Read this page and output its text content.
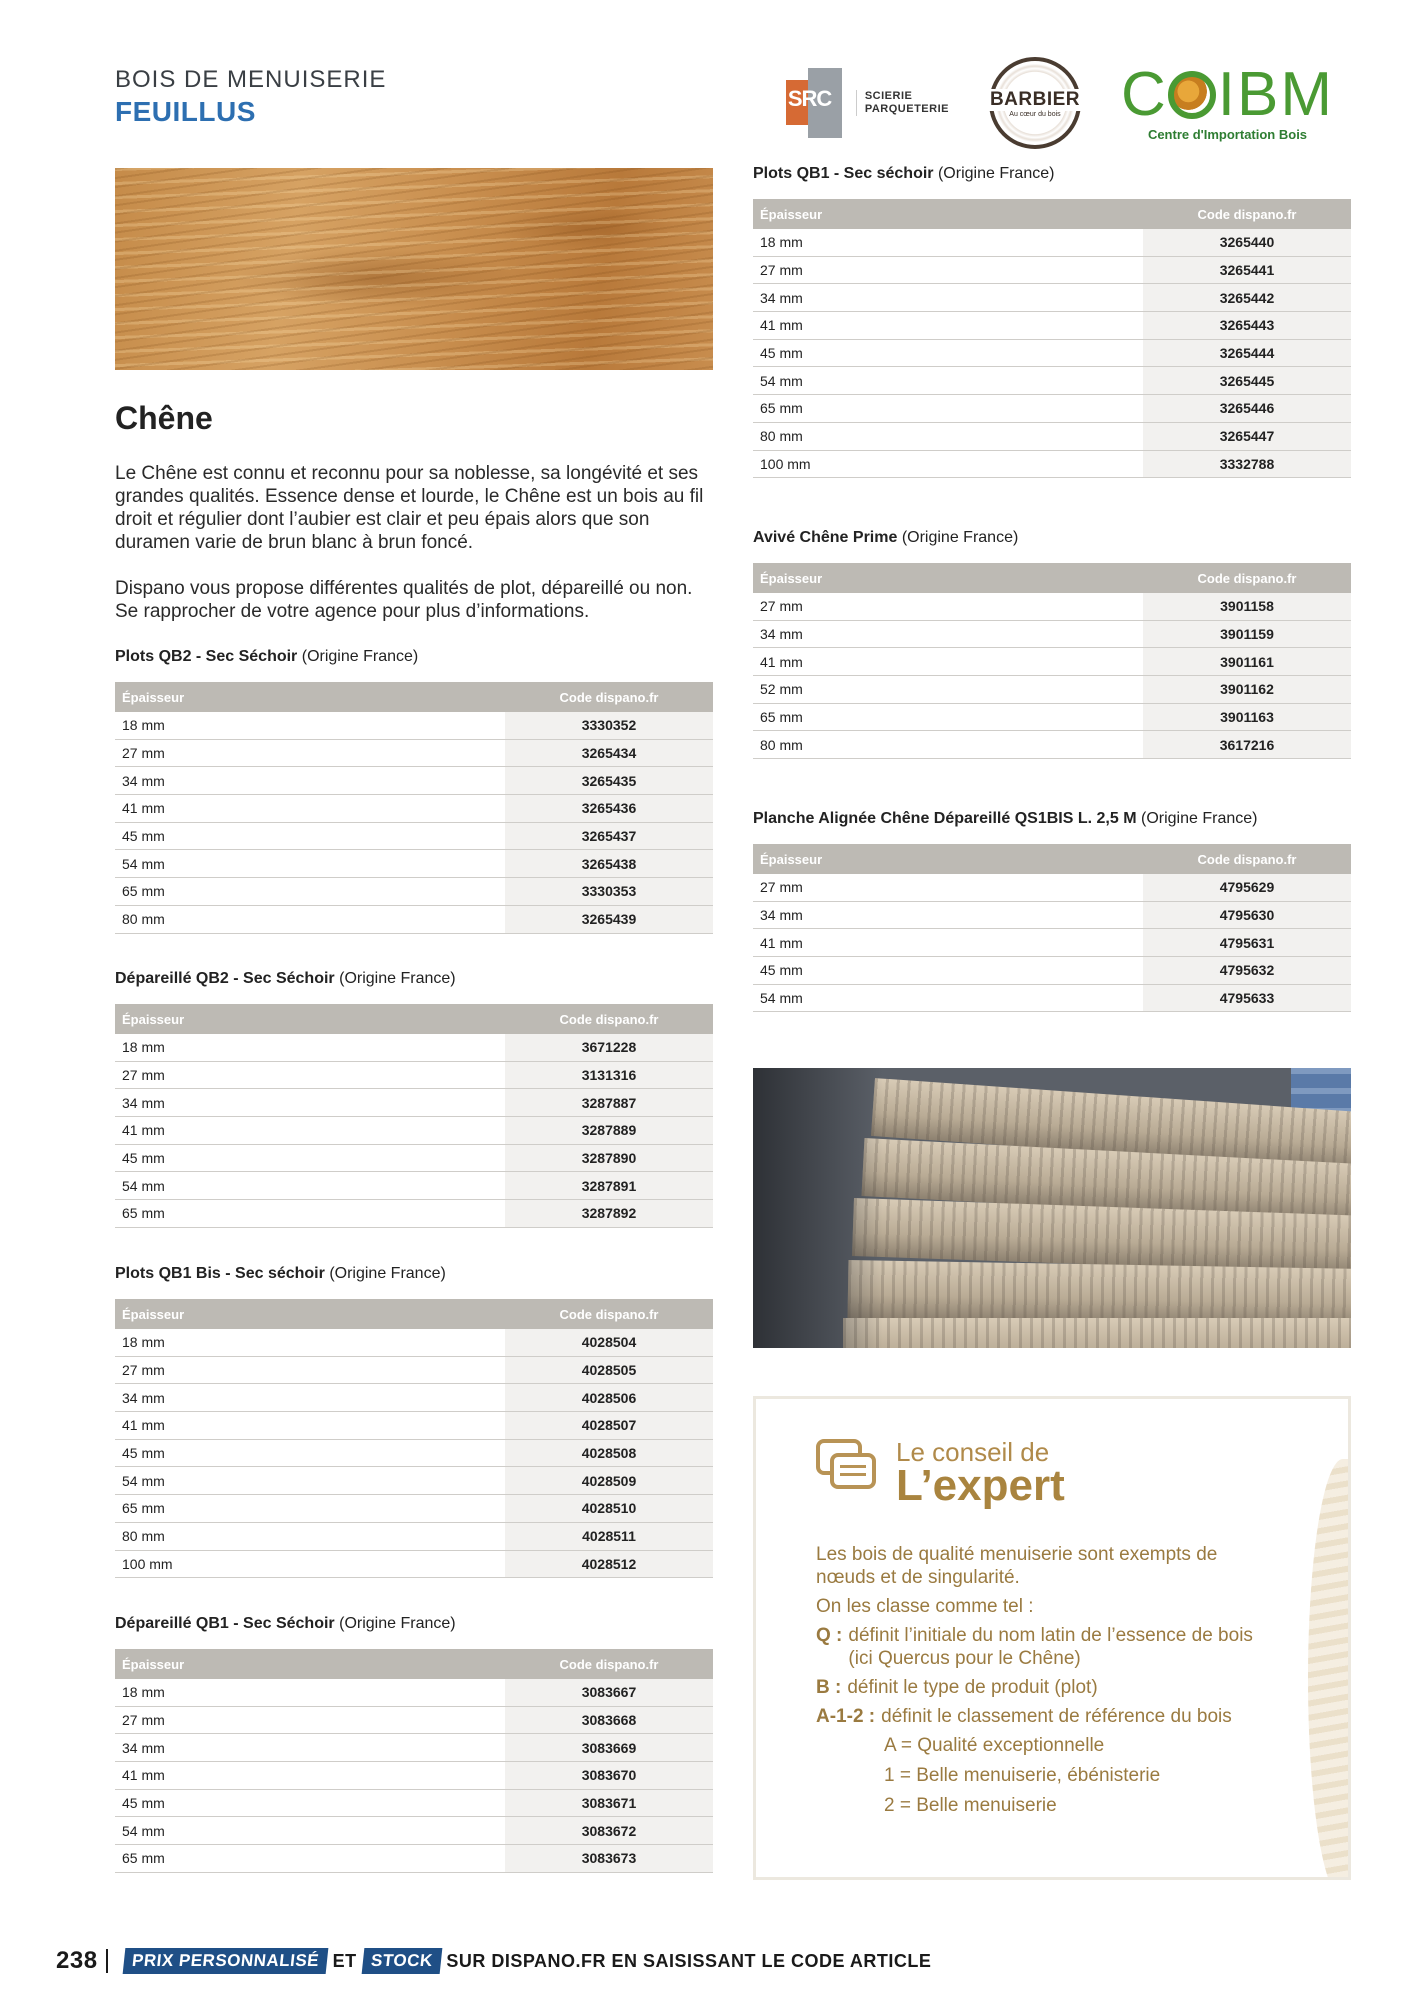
BOIS DE MENUISERIE
FEUILLUS	SRC	SCIERIE
PARQUETERIE BARBIER
Au cœur du bois C IBM
Centre d'Importation Bois
Chêne

Le Chêne est connu et reconnu pour sa noblesse, sa longévité et ses grandes qualités. Essence dense et lourde, le Chêne est un bois au fil droit et régulier dont l’aubier est clair et peu épais alors que son duramen varie de brun blanc à brun foncé.

Dispano vous propose différentes qualités de plot, dépareillé ou non. Se rapprocher de votre agence pour plus d’informations.

Plots QB2 - Sec Séchoir (Origine France)
Épaisseur	Code dispano.fr
18 mm	3330352
27 mm	3265434
34 mm	3265435
41 mm	3265436
45 mm	3265437
54 mm	3265438
65 mm	3330353
80 mm	3265439
Dépareillé QB2 - Sec Séchoir (Origine France)
Épaisseur	Code dispano.fr
18 mm	3671228
27 mm	3131316
34 mm	3287887
41 mm	3287889
45 mm	3287890
54 mm	3287891
65 mm	3287892
Plots QB1 Bis - Sec séchoir (Origine France)
Épaisseur	Code dispano.fr
18 mm	4028504
27 mm	4028505
34 mm	4028506
41 mm	4028507
45 mm	4028508
54 mm	4028509
65 mm	4028510
80 mm	4028511
100 mm	4028512
Dépareillé QB1 - Sec Séchoir (Origine France)
Épaisseur	Code dispano.fr
18 mm	3083667
27 mm	3083668
34 mm	3083669
41 mm	3083670
45 mm	3083671
54 mm	3083672
65 mm	3083673
Plots QB1 - Sec séchoir (Origine France)
Épaisseur	Code dispano.fr
18 mm	3265440
27 mm	3265441
34 mm	3265442
41 mm	3265443
45 mm	3265444
54 mm	3265445
65 mm	3265446
80 mm	3265447
100 mm	3332788
Avivé Chêne Prime (Origine France)
Épaisseur	Code dispano.fr
27 mm	3901158
34 mm	3901159
41 mm	3901161
52 mm	3901162
65 mm	3901163
80 mm	3617216
Planche Alignée Chêne Dépareillé QS1BIS L. 2,5 M (Origine France)
Épaisseur	Code dispano.fr
27 mm	4795629
34 mm	4795630
41 mm	4795631
45 mm	4795632
54 mm	4795633
Le conseil de
L’expert
Les bois de qualité menuiserie sont exempts de nœuds et de singularité.
On les classe comme tel :
Q : définit l’initiale du nom latin de l’essence de bois (ici Quercus pour le Chêne)
B : définit le type de produit (plot)
A-1-2 : définit le classement de référence du bois
A = Qualité exceptionnelle
1 = Belle menuiserie, ébénisterie
2 = Belle menuiserie
238	PRIX PERSONNALISÉ ET STOCK SUR DISPANO.FR EN SAISISSANT LE CODE ARTICLE
